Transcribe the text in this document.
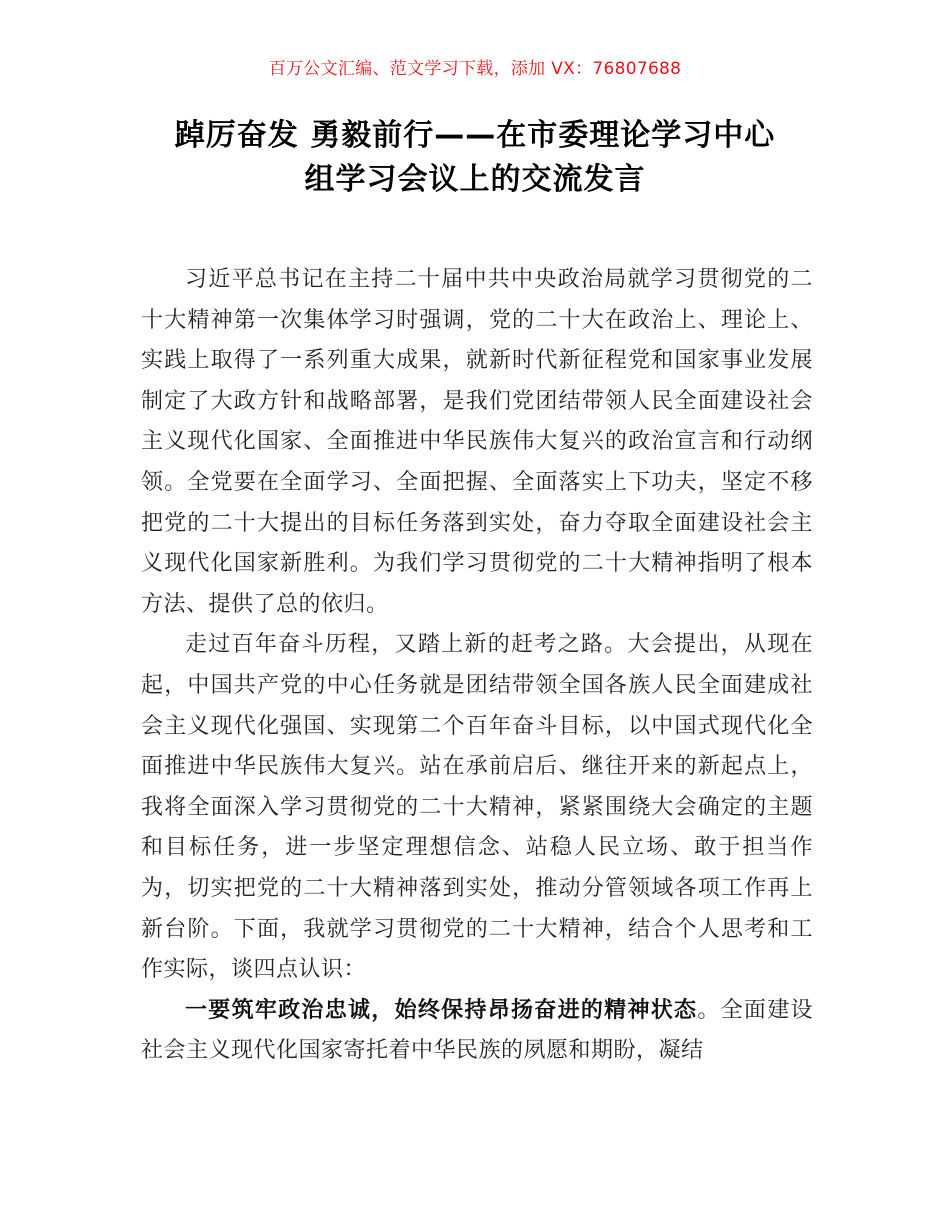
百万公文汇编、范文学习下载，添加 VX：76807688
踔厉奋发 勇毅前行——在市委理论学习中心
组学习会议上的交流发言

习近平总书记在主持二十届中共中央政治局就学习贯彻党的二十大精神第一次集体学习时强调，党的二十大在政治上、理论上、实践上取得了一系列重大成果，就新时代新征程党和国家事业发展制定了大政方针和战略部署，是我们党团结带领人民全面建设社会主义现代化国家、全面推进中华民族伟大复兴的政治宣言和行动纲领。全党要在全面学习、全面把握、全面落实上下功夫，坚定不移把党的二十大提出的目标任务落到实处，奋力夺取全面建设社会主义现代化国家新胜利。为我们学习贯彻党的二十大精神指明了根本方法、提供了总的依归。

走过百年奋斗历程，又踏上新的赶考之路。大会提出，从现在起，中国共产党的中心任务就是团结带领全国各族人民全面建成社会主义现代化强国、实现第二个百年奋斗目标，以中国式现代化全面推进中华民族伟大复兴。站在承前启后、继往开来的新起点上，我将全面深入学习贯彻党的二十大精神，紧紧围绕大会确定的主题和目标任务，进一步坚定理想信念、站稳人民立场、敢于担当作为，切实把党的二十大精神落到实处，推动分管领域各项工作再上新台阶。下面，我就学习贯彻党的二十大精神，结合个人思考和工作实际，谈四点认识：

一要筑牢政治忠诚，始终保持昂扬奋进的精神状态。全面建设社会主义现代化国家寄托着中华民族的夙愿和期盼，凝结
